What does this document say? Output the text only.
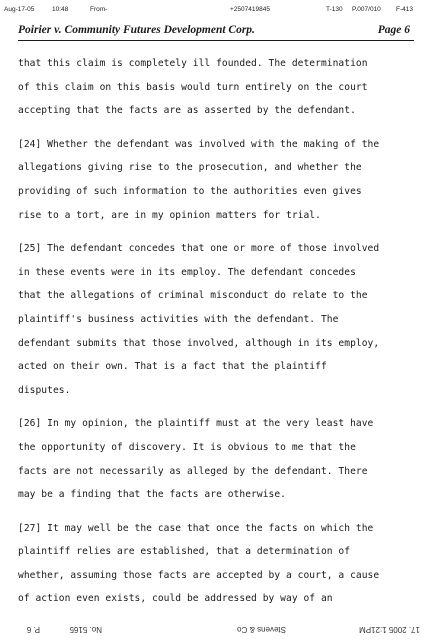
Aug-17-05	10:48	From-	+2507419845	T-130 P.007/010 F-413
Poirier v. Community Futures Development Corp.	Page 6
that this claim is completely ill founded. The determination
of this claim on this basis would turn entirely on the court
accepting that the facts are as asserted by the defendant.
[24] Whether the defendant was involved with the making of the
allegations giving rise to the prosecution, and whether the
providing of such information to the authorities even gives
rise to a tort, are in my opinion matters for trial.
[25] The defendant concedes that one or more of those involved
in these events were in its employ. The defendant concedes
that the allegations of criminal misconduct do relate to the
plaintiff's business activities with the defendant. The
defendant submits that those involved, although in its employ,
acted on their own. That is a fact that the plaintiff
disputes.
[26] In my opinion, the plaintiff must at the very least have
the opportunity of discovery. It is obvious to me that the
facts are not necessarily as alleged by the defendant. There
may be a finding that the facts are otherwise.
[27] It may well be the case that once the facts on which the
plaintiff relies are established, that a determination of
whether, assuming those facts are accepted by a court, a cause
of action even exists, could be addressed by way of an
17. 2005 1:21PM
Stevens & Co
No. 5165
P. 6
